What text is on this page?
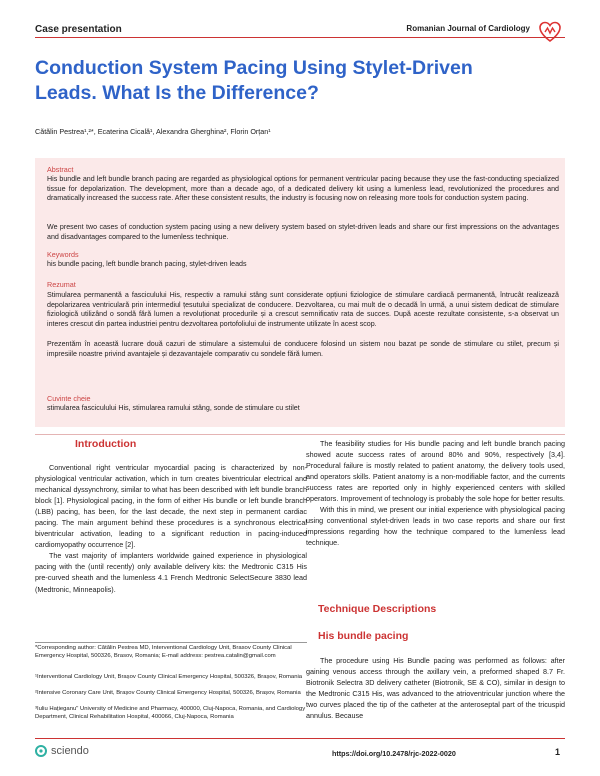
Case presentation	Romanian Journal of Cardiology
Conduction System Pacing Using Stylet-Driven Leads. What Is the Difference?
Cătălin Pestrea¹,²*, Ecaterina Cicală¹, Alexandra Gherghina², Florin Orțan¹
Abstract
His bundle and left bundle branch pacing are regarded as physiological options for permanent ventricular pacing because they use the fast-conducting specialized tissue for depolarization. The development, more than a decade ago, of a dedicated delivery kit using a lumenless lead, revolutionized the procedures and dramatically increased the success rate. After these consistent results, the industry is focusing now on releasing more tools for conduction system pacing.
We present two cases of conduction system pacing using a new delivery system based on stylet-driven leads and share our first impressions on the advantages and disadvantages compared to the lumenless technique.
Keywords
his bundle pacing, left bundle branch pacing, stylet-driven leads
Rezumat
Stimularea permanentă a fasciculului His, respectiv a ramului stâng sunt considerate opțiuni fiziologice de stimulare cardiacă permanentă, întrucât realizează depolarizarea ventriculară prin intermediul țesutului specializat de conducere. Dezvoltarea, cu mai mult de o decadă în urmă, a unui sistem dedicat de stimulare fiziologică utilizând o sondă fără lumen a revoluționat procedurile și a crescut semnificativ rata de succes. După aceste rezultate consistente, s-a observat un interes crescut din partea industriei pentru dezvoltarea portofoliului de instrumente utilizate în acest scop.
Prezentăm în această lucrare două cazuri de stimulare a sistemului de conducere folosind un sistem nou bazat pe sonde de stimulare cu stilet, precum și impresiile noastre privind avantajele și dezavantajele comparativ cu sondele fără lumen.
Cuvinte cheie
stimularea fasciculului His, stimularea ramului stâng, sonde de stimulare cu stilet
Introduction

Conventional right ventricular myocardial pacing is characterized by non-physiological ventricular activation, which in turn creates biventricular electrical and mechanical dyssynchrony, similar to what has been described with left bundle branch block [1]. Physiological pacing, in the form of either His bundle or left bundle branch (LBB) pacing, has been, for the last decade, the next step in permanent cardiac pacing. The main argument behind these procedures is a synchronous electrical biventricular activation, leading to a significant reduction in pacing-induced cardiomyopathy occurrence [2].

The vast majority of implanters worldwide gained experience in physiological pacing with the (until recently) only available delivery kits: the Medtronic C315 His pre-curved sheath and the lumenless 4.1 French Medtronic SelectSecure 3830 lead (Medtronic, Minneapolis).

*Corresponding author: Cătălin Pestrea MD, Interventional Cardiology Unit, Brasov County Clinical Emergency Hospital, 500326, Brasov, Romania; E-mail address: pestrea.catalin@gmail.com
¹Interventional Cardiology Unit, Brașov County Clinical Emergency Hospital, 500326, Brașov, Romania
²Intensive Coronary Care Unit, Brașov County Clinical Emergency Hospital, 500326, Brașov, Romania
³Iuliu Hațieganu" University of Medicine and Pharmacy, 400000, Cluj-Napoca, Romania, and Cardiology Department, Clinical Rehabilitation Hospital, 400066, Cluj-Napoca, Romania

The feasibility studies for His bundle pacing and left bundle branch pacing showed acute success rates of around 80% and 90%, respectively [3,4]. Procedural failure is mostly related to patient anatomy, the delivery tools used, and operators skills. Patient anatomy is a non-modifiable factor, and the currents success rates are reported only in highly experienced centers with skilled operators. Improvement of technology is probably the sole hope for better results.

With this in mind, we present our initial experience with physiological pacing using conventional stylet-driven leads in two case reports and share our first impressions regarding how the technique compared to the lumenless lead technique.

Technique Descriptions
His bundle pacing

The procedure using His Bundle pacing was performed as follows: after gaining venous access through the axillary vein, a preformed shaped 8.7 Fr. Biotronik Selectra 3D delivery catheter (Biotronik, SE & CO), similar in design to the Medtronic C315 His, was advanced to the atrioventricular junction where the two curves placed the tip of the catheter at the anteroseptal part of the tricuspid annulus. Because

sciendo	https://doi.org/10.2478/rjc-2022-0020	1
